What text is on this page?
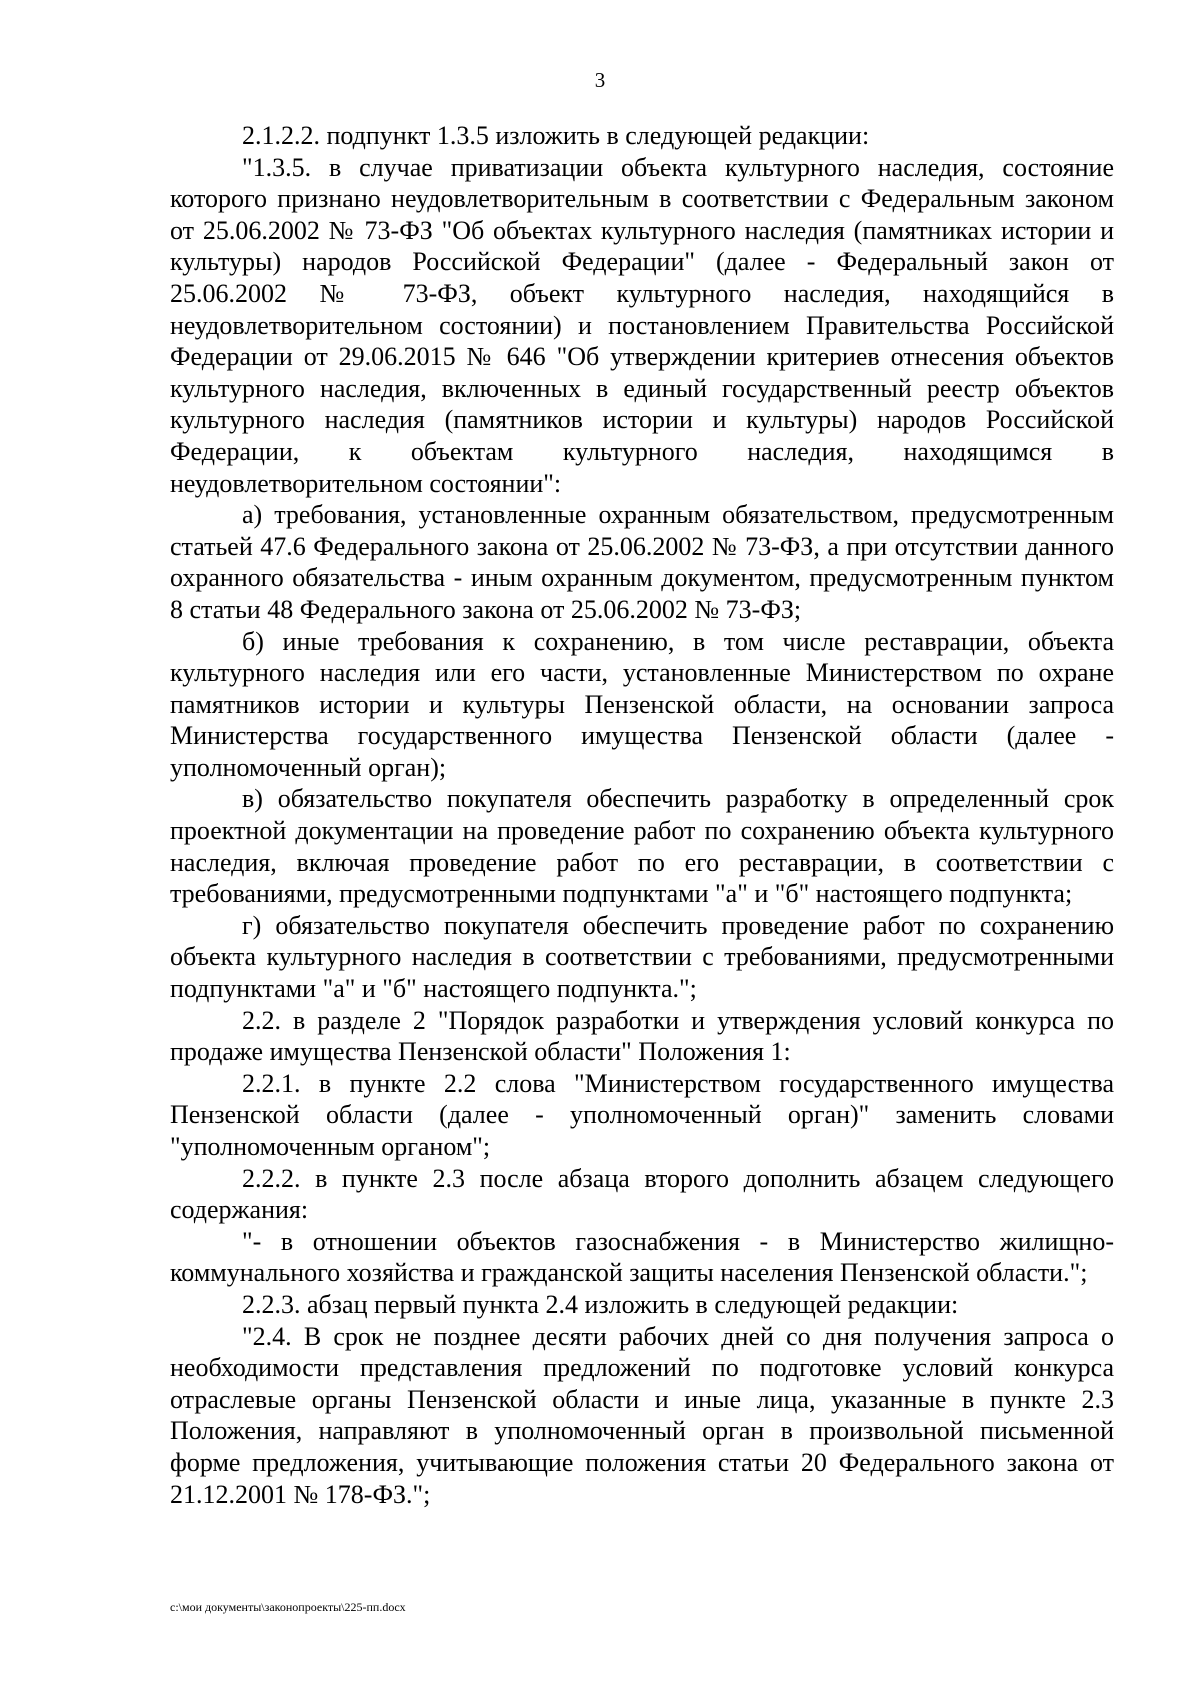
3

2.1.2.2. подпункт 1.3.5 изложить в следующей редакции:

"1.3.5. в случае приватизации объекта культурного наследия, состояние которого признано неудовлетворительным в соответствии с Федеральным законом от 25.06.2002 № 73-ФЗ "Об объектах культурного наследия (памятниках истории и культуры) народов Российской Федерации" (далее - Федеральный закон от 25.06.2002 № 73-ФЗ, объект культурного наследия, находящийся в неудовлетворительном состоянии) и постановлением Правительства Российской Федерации от 29.06.2015 № 646 "Об утверждении критериев отнесения объектов культурного наследия, включенных в единый государственный реестр объектов культурного наследия (памятников истории и культуры) народов Российской Федерации, к объектам культурного наследия, находящимся в неудовлетворительном состоянии":

а) требования, установленные охранным обязательством, предусмотренным статьей 47.6 Федерального закона от 25.06.2002 № 73-ФЗ, а при отсутствии данного охранного обязательства - иным охранным документом, предусмотренным пунктом 8 статьи 48 Федерального закона от 25.06.2002 № 73-ФЗ;

б) иные требования к сохранению, в том числе реставрации, объекта культурного наследия или его части, установленные Министерством по охране памятников истории и культуры Пензенской области, на основании запроса Министерства государственного имущества Пензенской области (далее - уполномоченный орган);

в) обязательство покупателя обеспечить разработку в определенный срок проектной документации на проведение работ по сохранению объекта культурного наследия, включая проведение работ по его реставрации, в соответствии с требованиями, предусмотренными подпунктами "а" и "б" настоящего подпункта;

г) обязательство покупателя обеспечить проведение работ по сохранению объекта культурного наследия в соответствии с требованиями, предусмотренными подпунктами "а" и "б" настоящего подпункта.";

2.2. в разделе 2 "Порядок разработки и утверждения условий конкурса по продаже имущества Пензенской области" Положения 1:

2.2.1. в пункте 2.2 слова "Министерством государственного имущества Пензенской области (далее - уполномоченный орган)" заменить словами "уполномоченным органом";

2.2.2. в пункте 2.3 после абзаца второго дополнить абзацем следующего содержания:

"- в отношении объектов газоснабжения - в Министерство жилищно-коммунального хозяйства и гражданской защиты населения Пензенской области.";

2.2.3. абзац первый пункта 2.4 изложить в следующей редакции:

"2.4. В срок не позднее десяти рабочих дней со дня получения запроса о необходимости представления предложений по подготовке условий конкурса отраслевые органы Пензенской области и иные лица, указанные в пункте 2.3 Положения, направляют в уполномоченный орган в произвольной письменной форме предложения, учитывающие положения статьи 20 Федерального закона от 21.12.2001 № 178-ФЗ.";

c:\мои документы\законопроекты\225-пп.docx
